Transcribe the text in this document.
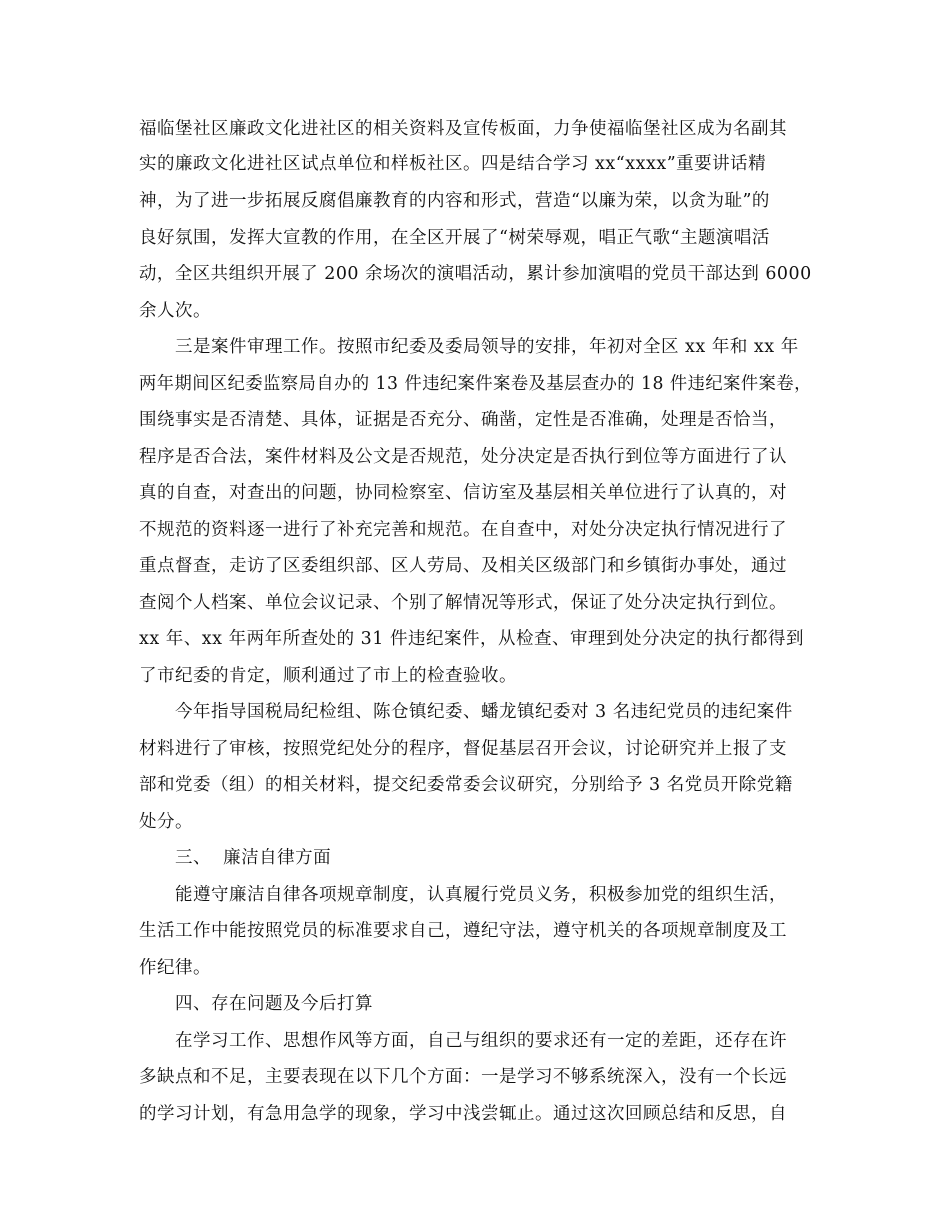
福临堡社区廉政文化进社区的相关资料及宣传板面，力争使福临堡社区成为名副其

实的廉政文化进社区试点单位和样板社区。四是结合学习 xx“xxxx”重要讲话精

神，为了进一步拓展反腐倡廉教育的内容和形式，营造“以廉为荣，以贪为耻”的

良好氛围，发挥大宣教的作用，在全区开展了“树荣辱观，唱正气歌“主题演唱活

动，全区共组织开展了 200 余场次的演唱活动，累计参加演唱的党员干部达到 6000

余人次。

三是案件审理工作。按照市纪委及委局领导的安排，年初对全区 xx 年和 xx 年

两年期间区纪委监察局自办的 13 件违纪案件案卷及基层查办的 18 件违纪案件案卷，

围绕事实是否清楚、具体，证据是否充分、确凿，定性是否准确，处理是否恰当，

程序是否合法，案件材料及公文是否规范，处分决定是否执行到位等方面进行了认

真的自查，对查出的问题，协同检察室、信访室及基层相关单位进行了认真的，对

不规范的资料逐一进行了补充完善和规范。在自查中，对处分决定执行情况进行了

重点督查，走访了区委组织部、区人劳局、及相关区级部门和乡镇街办事处，通过

查阅个人档案、单位会议记录、个别了解情况等形式，保证了处分决定执行到位。

xx 年、xx 年两年所查处的 31 件违纪案件，从检查、审理到处分决定的执行都得到

了市纪委的肯定，顺利通过了市上的检查验收。

今年指导国税局纪检组、陈仓镇纪委、蟠龙镇纪委对 3 名违纪党员的违纪案件

材料进行了审核，按照党纪处分的程序，督促基层召开会议，讨论研究并上报了支

部和党委（组）的相关材料，提交纪委常委会议研究，分别给予 3 名党员开除党籍

处分。

三、  廉洁自律方面

能遵守廉洁自律各项规章制度，认真履行党员义务，积极参加党的组织生活，

生活工作中能按照党员的标准要求自己，遵纪守法，遵守机关的各项规章制度及工

作纪律。

四、存在问题及今后打算

在学习工作、思想作风等方面，自己与组织的要求还有一定的差距，还存在许

多缺点和不足，主要表现在以下几个方面：一是学习不够系统深入，没有一个长远

的学习计划，有急用急学的现象，学习中浅尝辄止。通过这次回顾总结和反思，自
